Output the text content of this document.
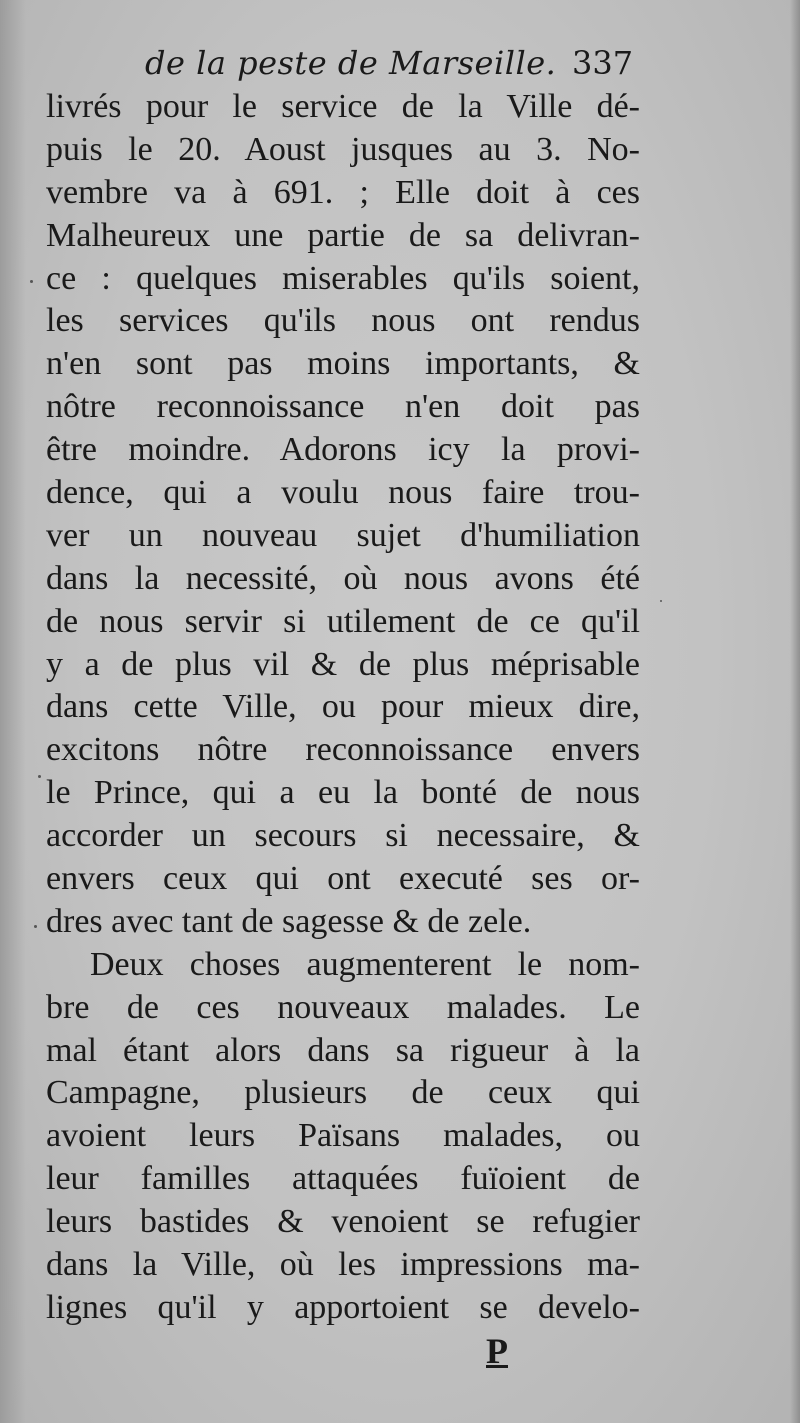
de la peste de Marseille. 337
livrés pour le service de la Ville dé-
puis le 20. Aoust jusques au 3. No-
vembre va à 691. ; Elle doit à ces
Malheureux une partie de sa delivran-
ce : quelques miserables qu'ils soient,
les services qu'ils nous ont rendus
n'en sont pas moins importants, &
nôtre reconnoissance n'en doit pas
être moindre. Adorons icy la provi-
dence, qui a voulu nous faire trou-
ver un nouveau sujet d'humiliation
dans la necessité, où nous avons été
de nous servir si utilement de ce qu'il
y a de plus vil & de plus méprisable
dans cette Ville, ou pour mieux dire,
excitons nôtre reconnoissance envers
le Prince, qui a eu la bonté de nous
accorder un secours si necessaire, &
envers ceux qui ont executé ses or-
dres avec tant de sagesse & de zele.
Deux choses augmenterent le nom-
bre de ces nouveaux malades. Le
mal étant alors dans sa rigueur à la
Campagne, plusieurs de ceux qui
avoient leurs Païsans malades, ou
leur familles attaquées fuïoient de
leurs bastides & venoient se refugier
dans la Ville, où les impressions ma-
lignes qu'il y apportoient se develo-
P
